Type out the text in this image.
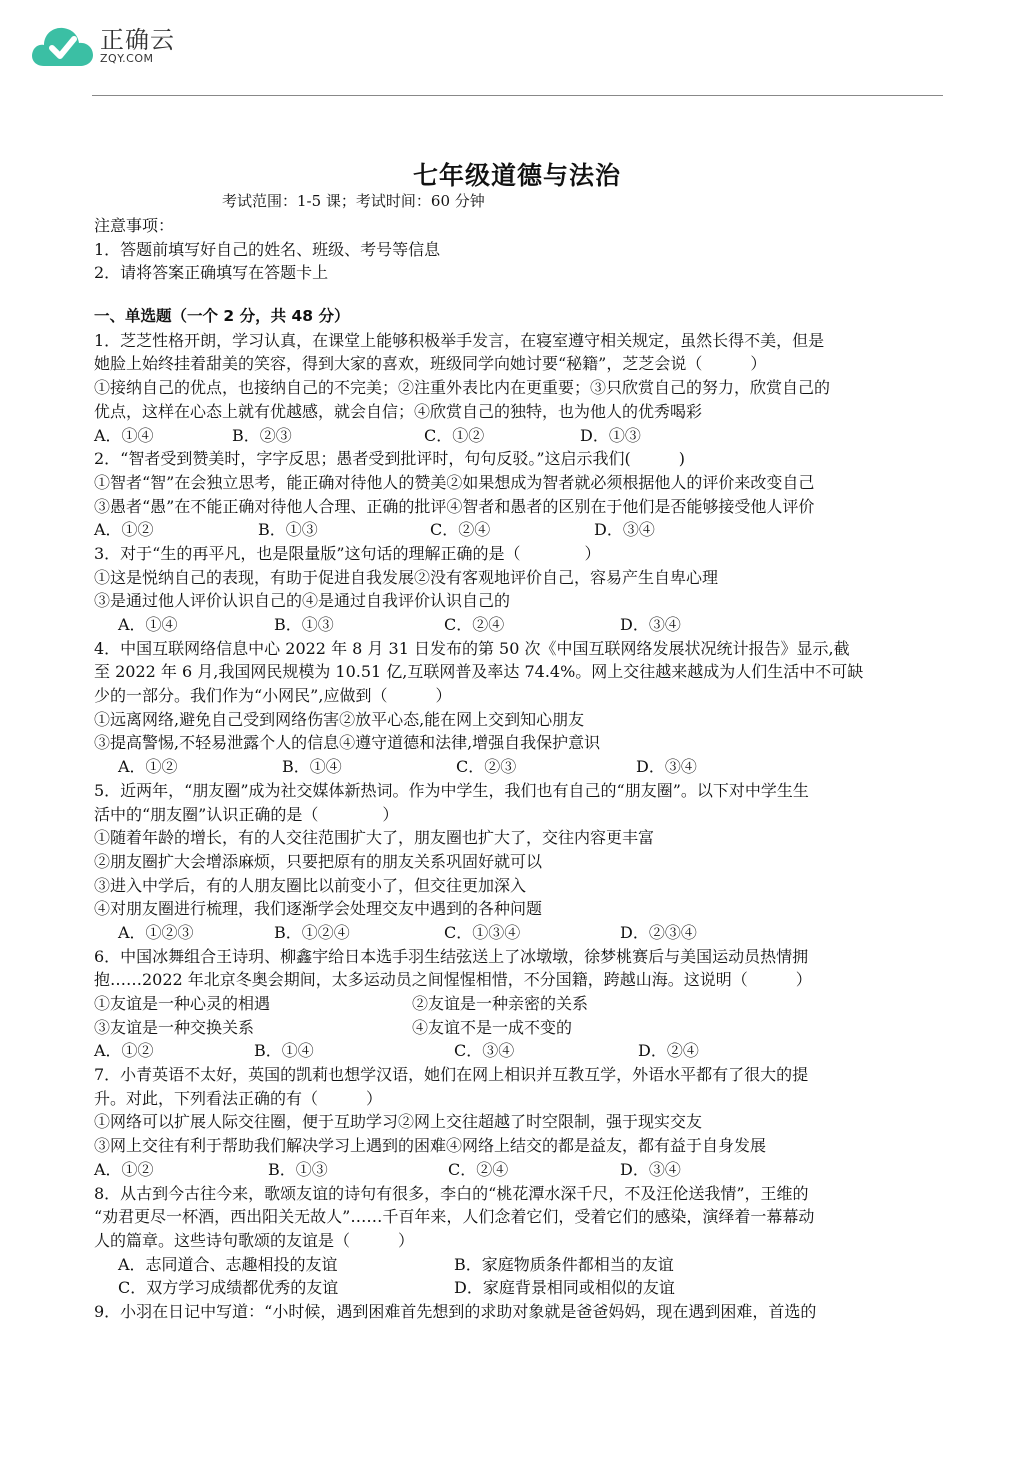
正确云
ZQY.COM
七年级道德与法治
考试范围：1-5 课；考试时间：60 分钟
注意事项：
1．答题前填写好自己的姓名、班级、考号等信息
2．请将答案正确填写在答题卡上
一、单选题（一个 2 分，共 48 分）
1．芝芝性格开朗，学习认真，在课堂上能够积极举手发言，在寝室遵守相关规定，虽然长得不美，但是
她脸上始终挂着甜美的笑容，得到大家的喜欢，班级同学向她讨要“秘籍”，芝芝会说（　　　）
①接纳自己的优点，也接纳自己的不完美；②注重外表比内在更重要；③只欣赏自己的努力，欣赏自己的
优点，这样在心态上就有优越感，就会自信；④欣赏自己的独特，也为他人的优秀喝彩
A．①④	B．②③	C．①②	D．①③
2．“智者受到赞美时，字字反思；愚者受到批评时，句句反驳。”这启示我们(　　　)
①智者“智”在会独立思考，能正确对待他人的赞美②如果想成为智者就必须根据他人的评价来改变自己
③愚者“愚”在不能正确对待他人合理、正确的批评④智者和愚者的区别在于他们是否能够接受他人评价
A．①②	B．①③	C．②④	D．③④
3．对于“生的再平凡，也是限量版”这句话的理解正确的是（　　　　）
①这是悦纳自己的表现，有助于促进自我发展②没有客观地评价自己，容易产生自卑心理
③是通过他人评价认识自己的④是通过自我评价认识自己的
A．①④	B．①③	C．②④	D．③④
4．中国互联网络信息中心 2022 年 8 月 31 日发布的第 50 次《中国互联网络发展状况统计报告》显示,截
至 2022 年 6 月,我国网民规模为 10.51 亿,互联网普及率达 74.4%。网上交往越来越成为人们生活中不可缺
少的一部分。我们作为“小网民”,应做到（　　　）
①远离网络,避免自己受到网络伤害②放平心态,能在网上交到知心朋友
③提高警惕,不轻易泄露个人的信息④遵守道德和法律,增强自我保护意识
A．①②	B．①④	C．②③	D．③④
5．近两年，“朋友圈”成为社交媒体新热词。作为中学生，我们也有自己的“朋友圈”。以下对中学生生
活中的“朋友圈”认识正确的是（　　　　）
①随着年龄的增长，有的人交往范围扩大了，朋友圈也扩大了，交往内容更丰富
②朋友圈扩大会增添麻烦，只要把原有的朋友关系巩固好就可以
③进入中学后，有的人朋友圈比以前变小了，但交往更加深入
④对朋友圈进行梳理，我们逐渐学会处理交友中遇到的各种问题
A．①②③	B．①②④	C．①③④	D．②③④
6．中国冰舞组合王诗玥、柳鑫宇给日本选手羽生结弦送上了冰墩墩，徐梦桃赛后与美国运动员热情拥
抱……2022 年北京冬奥会期间，太多运动员之间惺惺相惜，不分国籍，跨越山海。这说明（　　　）
①友谊是一种心灵的相遇	②友谊是一种亲密的关系
③友谊是一种交换关系	④友谊不是一成不变的
A．①②	B．①④	C．③④	D．②④
7．小青英语不太好，英国的凯莉也想学汉语，她们在网上相识并互教互学，外语水平都有了很大的提
升。对此，下列看法正确的有（　　　）
①网络可以扩展人际交往圈，便于互助学习②网上交往超越了时空限制，强于现实交友
③网上交往有利于帮助我们解决学习上遇到的困难④网络上结交的都是益友，都有益于自身发展
A．①②	B．①③	C．②④	D．③④
8．从古到今古往今来，歌颂友谊的诗句有很多，李白的“桃花潭水深千尺，不及汪伦送我情”，王维的
“劝君更尽一杯酒，西出阳关无故人”……千百年来，人们念着它们，受着它们的感染，演绎着一幕幕动
人的篇章。这些诗句歌颂的友谊是（　　　）
A．志同道合、志趣相投的友谊	B．家庭物质条件都相当的友谊
C．双方学习成绩都优秀的友谊	D．家庭背景相同或相似的友谊
9．小羽在日记中写道：“小时候，遇到困难首先想到的求助对象就是爸爸妈妈，现在遇到困难，首选的
